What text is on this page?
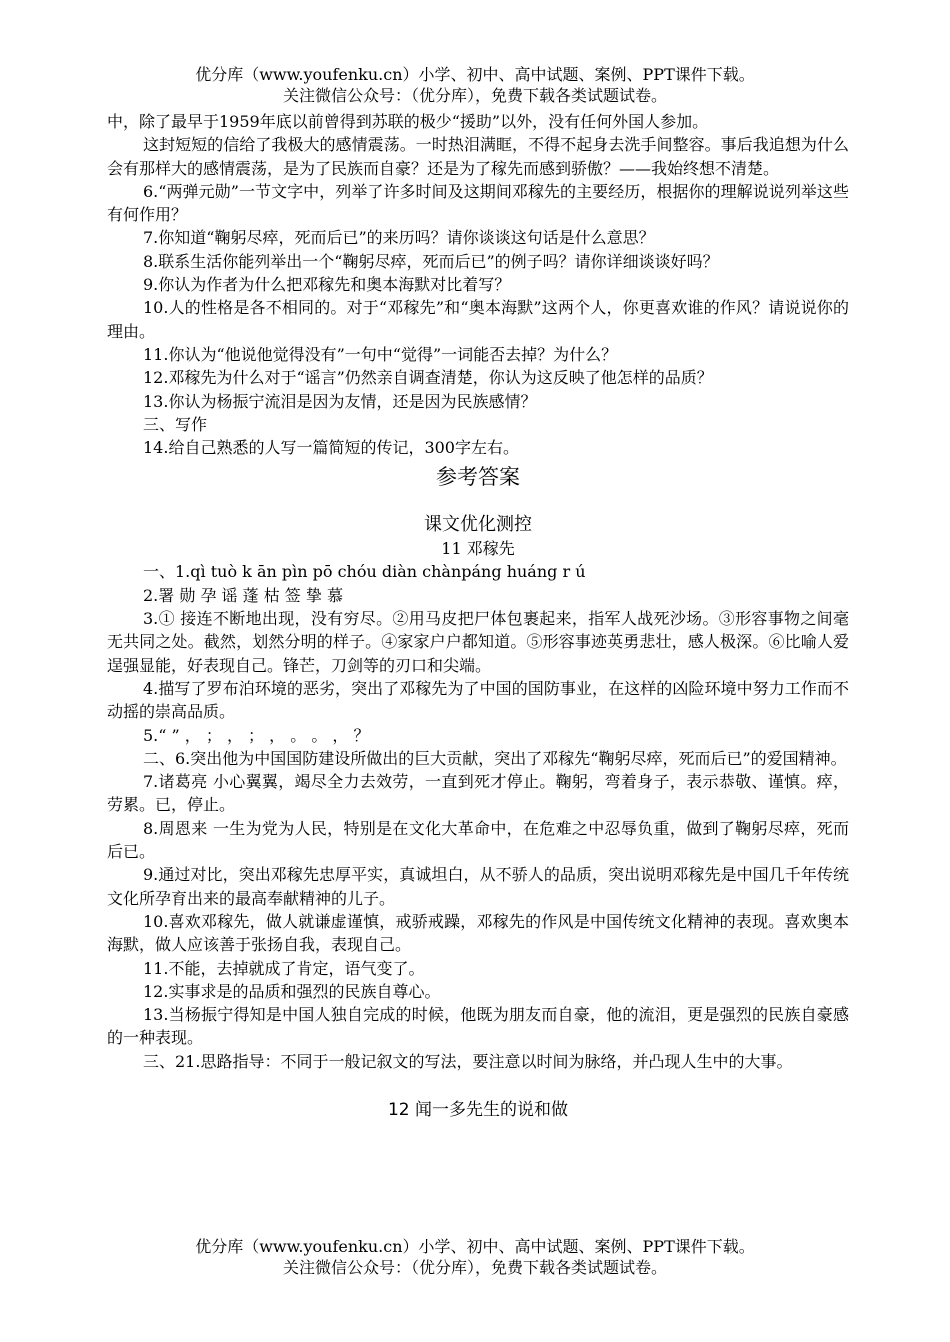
优分库（www.youfenku.cn）小学、初中、高中试题、案例、PPT课件下载。
关注微信公众号：（优分库），免费下载各类试题试卷。

中，除了最早于1959年底以前曾得到苏联的极少“援助”以外，没有任何外国人参加。

这封短短的信给了我极大的感情震荡。一时热泪满眶，不得不起身去洗手间整容。事后我追想为什么会有那样大的感情震荡，是为了民族而自豪？还是为了稼先而感到骄傲？——我始终想不清楚。

6.“两弹元勋”一节文字中，列举了许多时间及这期间邓稼先的主要经历，根据你的理解说说列举这些有何作用？

7.你知道“鞠躬尽瘁，死而后已”的来历吗？请你谈谈这句话是什么意思？

8.联系生活你能列举出一个“鞠躬尽瘁，死而后已”的例子吗？请你详细谈谈好吗？

9.你认为作者为什么把邓稼先和奥本海默对比着写？

10.人的性格是各不相同的。对于“邓稼先”和“奥本海默”这两个人，你更喜欢谁的作风？请说说你的理由。

11.你认为“他说他觉得没有”一句中“觉得”一词能否去掉？为什么？

12.邓稼先为什么对于“谣言”仍然亲自调查清楚，你认为这反映了他怎样的品质？

13.你认为杨振宁流泪是因为友情，还是因为民族感情？

三、写作

14.给自己熟悉的人写一篇简短的传记，300字左右。

参考答案
课文优化测控
11 邓稼先

一、1.qì tuò k ān pìn pō chóu diàn chànpáng huáng r ú

2.署 勋 孕 谣 蓬 枯 签 挚 慕

3.① 接连不断地出现，没有穷尽。②用马皮把尸体包裹起来，指军人战死沙场。③形容事物之间毫无共同之处。截然，划然分明的样子。④家家户户都知道。⑤形容事迹英勇悲壮，感人极深。⑥比喻人爱逞强显能，好表现自己。锋芒，刀剑等的刃口和尖端。

4.描写了罗布泊环境的恶劣，突出了邓稼先为了中国的国防事业，在这样的凶险环境中努力工作而不动摇的崇高品质。

5.“ ” ， ； ， ； ， 。 。 ， ？

二、6.突出他为中国国防建设所做出的巨大贡献，突出了邓稼先“鞠躬尽瘁，死而后已”的爱国精神。

7.诸葛亮 小心翼翼，竭尽全力去效劳，一直到死才停止。鞠躬，弯着身子，表示恭敬、谨慎。瘁，劳累。已，停止。

8.周恩来 一生为党为人民，特别是在文化大革命中，在危难之中忍辱负重，做到了鞠躬尽瘁，死而后已。

9.通过对比，突出邓稼先忠厚平实，真诚坦白，从不骄人的品质，突出说明邓稼先是中国几千年传统文化所孕育出来的最高奉献精神的儿子。

10.喜欢邓稼先，做人就谦虚谨慎，戒骄戒躁，邓稼先的作风是中国传统文化精神的表现。喜欢奥本海默，做人应该善于张扬自我，表现自己。

11.不能，去掉就成了肯定，语气变了。

12.实事求是的品质和强烈的民族自尊心。

13.当杨振宁得知是中国人独自完成的时候，他既为朋友而自豪，他的流泪，更是强烈的民族自豪感的一种表现。

三、21.思路指导：不同于一般记叙文的写法，要注意以时间为脉络，并凸现人生中的大事。

12 闻一多先生的说和做
优分库（www.youfenku.cn）小学、初中、高中试题、案例、PPT课件下载。
关注微信公众号：（优分库），免费下载各类试题试卷。
